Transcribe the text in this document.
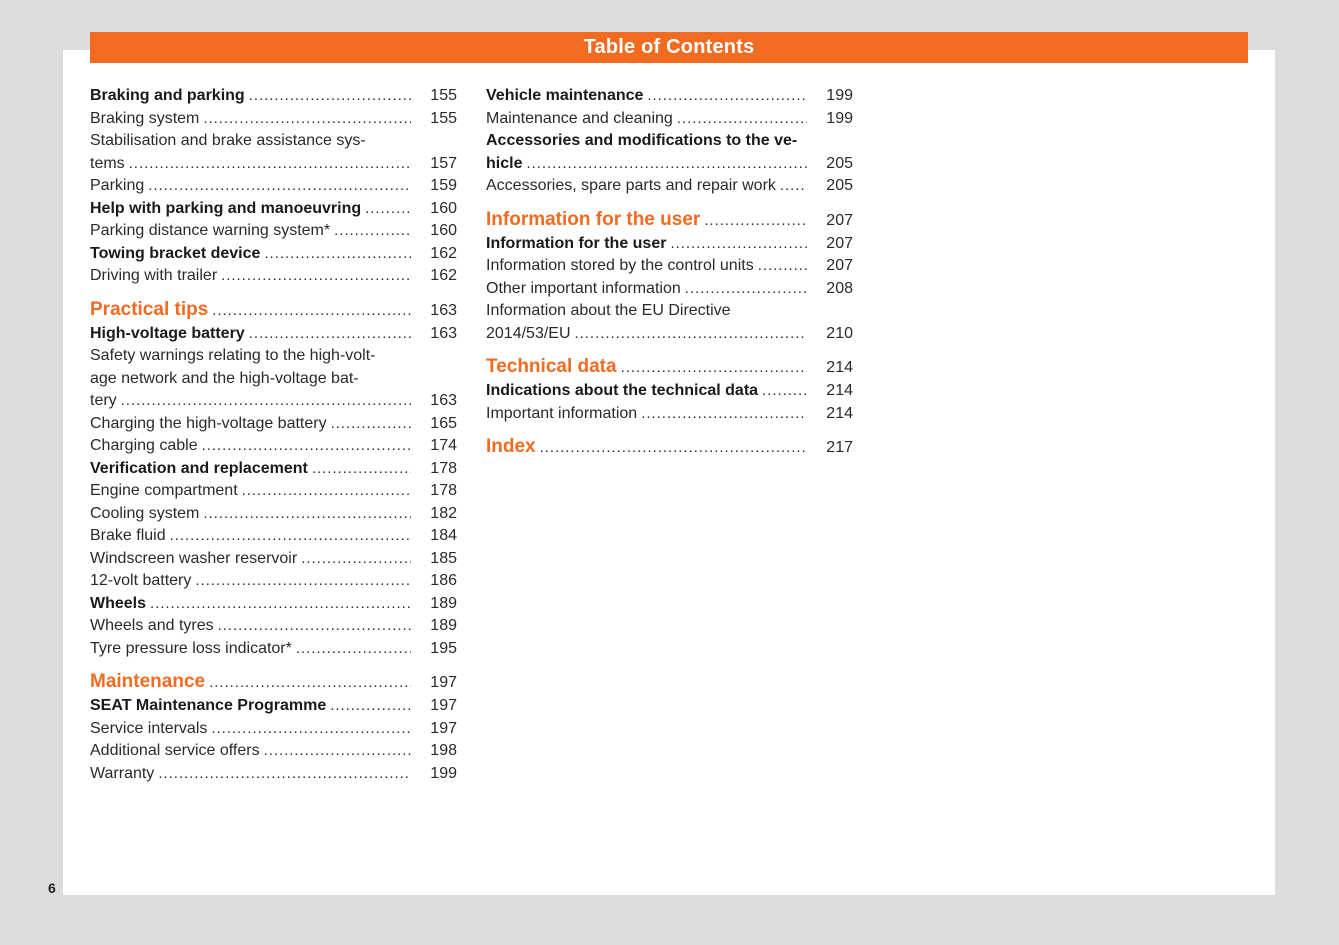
Table of Contents
Braking and parking . . .	155
Braking system . . .	155
Stabilisation and brake assistance sys-
tems . . .	157
Parking . . .	159
Help with parking and manoeuvring . . .	160
Parking distance warning system* . . .	160
Towing bracket device . . .	162
Driving with trailer . . .	162
Practical tips . . .	163
High-voltage battery . . .	163
Safety warnings relating to the high-volt-
age network and the high-voltage bat-
tery . . .	163
Charging the high-voltage battery . . .	165
Charging cable . . .	174
Verification and replacement . . .	178
Engine compartment . . .	178
Cooling system . . .	182
Brake fluid . . .	184
Windscreen washer reservoir . . .	185
12-volt battery . . .	186
Wheels . . .	189
Wheels and tyres . . .	189
Tyre pressure loss indicator* . . .	195
Maintenance . . .	197
SEAT Maintenance Programme . . .	197
Service intervals . . .	197
Additional service offers . . .	198
Warranty . . .	199
Vehicle maintenance . . .	199
Maintenance and cleaning . . .	199
Accessories and modifications to the ve-
hicle . . .	205
Accessories, spare parts and repair work . . .	205
Information for the user . . .	207
Information for the user . . .	207
Information stored by the control units . . .	207
Other important information . . .	208
Information about the EU Directive
2014/53/EU . . .	210
Technical data . . .	214
Indications about the technical data . . .	214
Important information . . .	214
Index . . .	217
6
